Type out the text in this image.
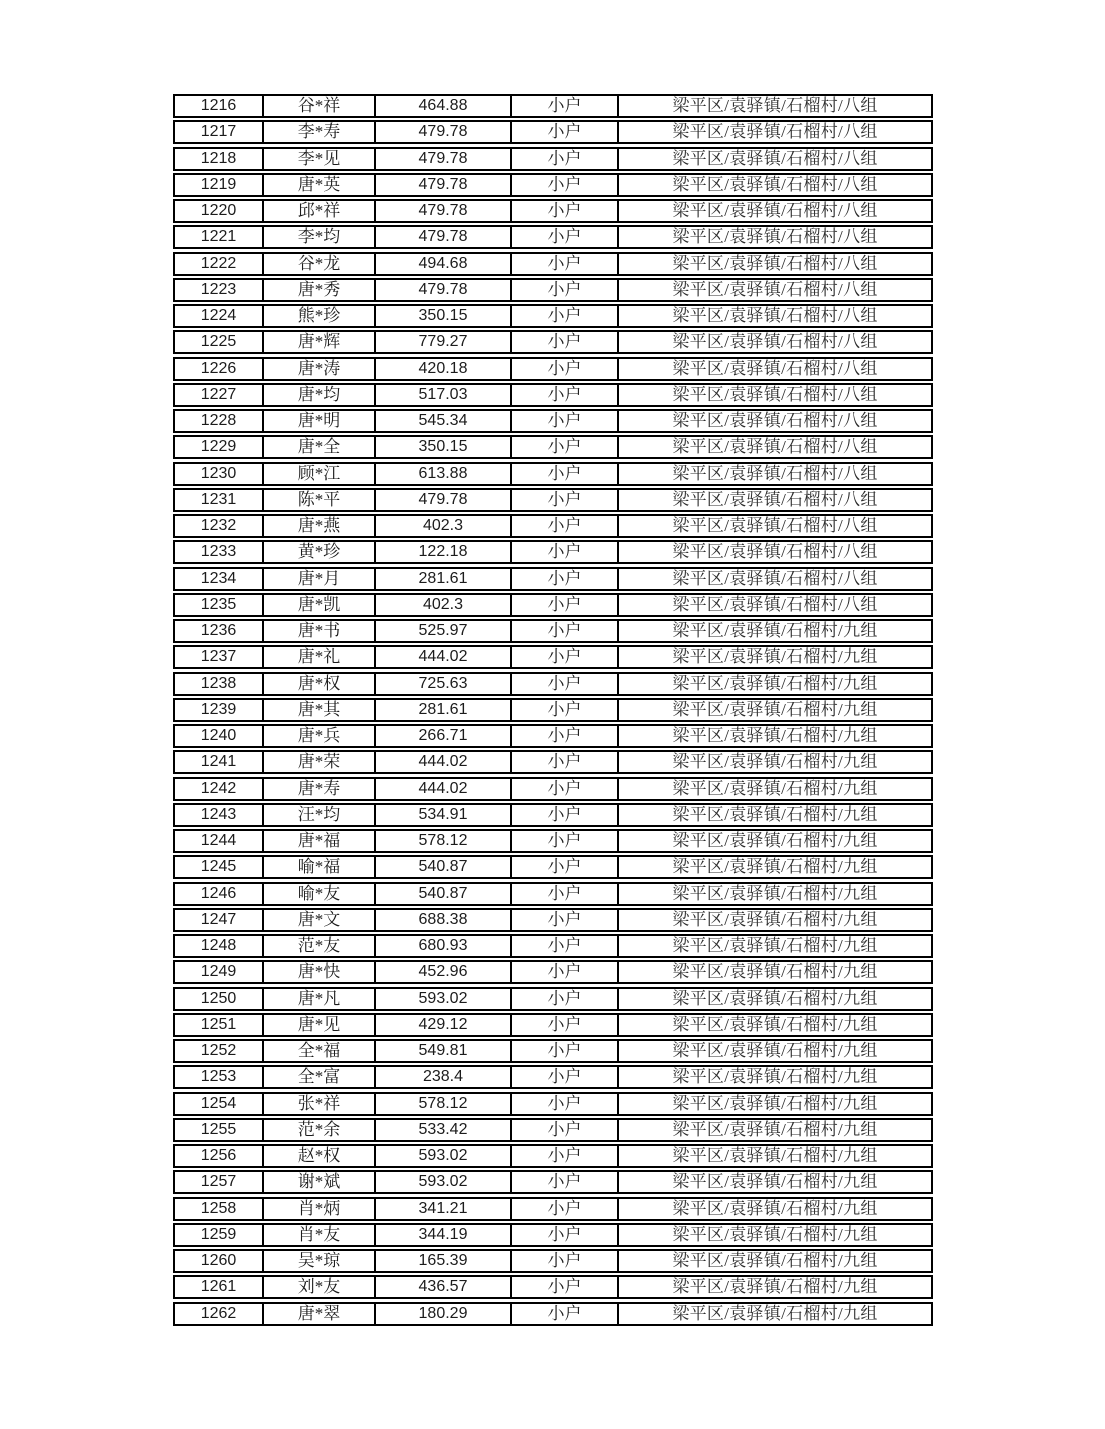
1216	谷*祥	464.88	小户	梁平区/袁驿镇/石榴村/八组
1217	李*寿	479.78	小户	梁平区/袁驿镇/石榴村/八组
1218	李*见	479.78	小户	梁平区/袁驿镇/石榴村/八组
1219	唐*英	479.78	小户	梁平区/袁驿镇/石榴村/八组
1220	邱*祥	479.78	小户	梁平区/袁驿镇/石榴村/八组
1221	李*均	479.78	小户	梁平区/袁驿镇/石榴村/八组
1222	谷*龙	494.68	小户	梁平区/袁驿镇/石榴村/八组
1223	唐*秀	479.78	小户	梁平区/袁驿镇/石榴村/八组
1224	熊*珍	350.15	小户	梁平区/袁驿镇/石榴村/八组
1225	唐*辉	779.27	小户	梁平区/袁驿镇/石榴村/八组
1226	唐*涛	420.18	小户	梁平区/袁驿镇/石榴村/八组
1227	唐*均	517.03	小户	梁平区/袁驿镇/石榴村/八组
1228	唐*明	545.34	小户	梁平区/袁驿镇/石榴村/八组
1229	唐*全	350.15	小户	梁平区/袁驿镇/石榴村/八组
1230	顾*江	613.88	小户	梁平区/袁驿镇/石榴村/八组
1231	陈*平	479.78	小户	梁平区/袁驿镇/石榴村/八组
1232	唐*燕	402.3	小户	梁平区/袁驿镇/石榴村/八组
1233	黄*珍	122.18	小户	梁平区/袁驿镇/石榴村/八组
1234	唐*月	281.61	小户	梁平区/袁驿镇/石榴村/八组
1235	唐*凯	402.3	小户	梁平区/袁驿镇/石榴村/八组
1236	唐*书	525.97	小户	梁平区/袁驿镇/石榴村/九组
1237	唐*礼	444.02	小户	梁平区/袁驿镇/石榴村/九组
1238	唐*权	725.63	小户	梁平区/袁驿镇/石榴村/九组
1239	唐*其	281.61	小户	梁平区/袁驿镇/石榴村/九组
1240	唐*兵	266.71	小户	梁平区/袁驿镇/石榴村/九组
1241	唐*荣	444.02	小户	梁平区/袁驿镇/石榴村/九组
1242	唐*寿	444.02	小户	梁平区/袁驿镇/石榴村/九组
1243	汪*均	534.91	小户	梁平区/袁驿镇/石榴村/九组
1244	唐*福	578.12	小户	梁平区/袁驿镇/石榴村/九组
1245	喻*福	540.87	小户	梁平区/袁驿镇/石榴村/九组
1246	喻*友	540.87	小户	梁平区/袁驿镇/石榴村/九组
1247	唐*文	688.38	小户	梁平区/袁驿镇/石榴村/九组
1248	范*友	680.93	小户	梁平区/袁驿镇/石榴村/九组
1249	唐*快	452.96	小户	梁平区/袁驿镇/石榴村/九组
1250	唐*凡	593.02	小户	梁平区/袁驿镇/石榴村/九组
1251	唐*见	429.12	小户	梁平区/袁驿镇/石榴村/九组
1252	全*福	549.81	小户	梁平区/袁驿镇/石榴村/九组
1253	全*富	238.4	小户	梁平区/袁驿镇/石榴村/九组
1254	张*祥	578.12	小户	梁平区/袁驿镇/石榴村/九组
1255	范*余	533.42	小户	梁平区/袁驿镇/石榴村/九组
1256	赵*权	593.02	小户	梁平区/袁驿镇/石榴村/九组
1257	谢*斌	593.02	小户	梁平区/袁驿镇/石榴村/九组
1258	肖*炳	341.21	小户	梁平区/袁驿镇/石榴村/九组
1259	肖*友	344.19	小户	梁平区/袁驿镇/石榴村/九组
1260	吴*琼	165.39	小户	梁平区/袁驿镇/石榴村/九组
1261	刘*友	436.57	小户	梁平区/袁驿镇/石榴村/九组
1262	唐*翠	180.29	小户	梁平区/袁驿镇/石榴村/九组
